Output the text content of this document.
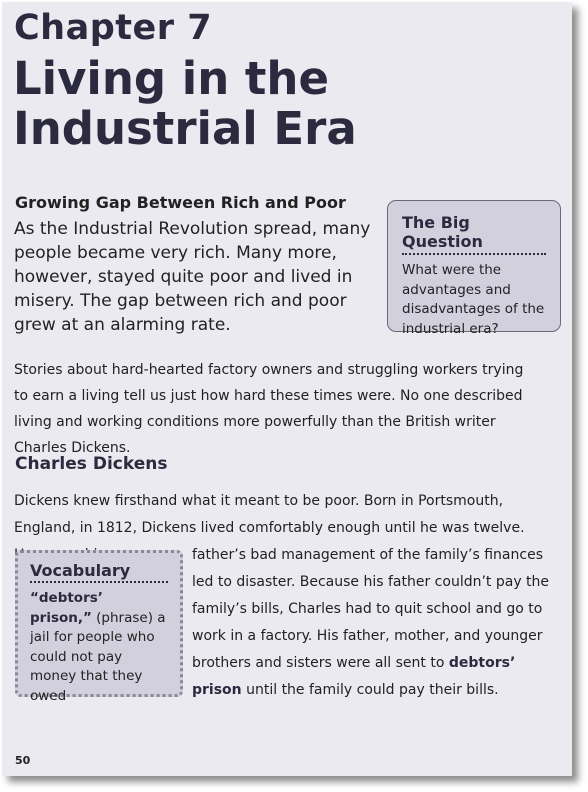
Chapter 7
Living in the Industrial Era
Growing Gap Between Rich and Poor

As the Industrial Revolution spread, many people became very rich. Many more, however, stayed quite poor and lived in misery. The gap between rich and poor grew at an alarming rate.

The Big Question

What were the advantages and disadvantages of the industrial era?

Stories about hard-hearted factory owners and struggling workers trying to earn a living tell us just how hard these times were. No one described living and working conditions more powerfully than the British writer Charles Dickens.

Charles Dickens

Dickens knew firsthand what it meant to be poor. Born in Portsmouth, England, in 1812, Dickens lived comfortably enough until he was twelve.

father’s bad management of the family’s finances led to disaster. Because his father couldn’t pay the family’s bills, Charles had to quit school and go to work in a factory. His father, mother, and younger brothers and sisters were all sent to debtors’ prison until the family could pay their bills.

Vocabulary

“debtors’ prison,” (phrase) a jail for people who could not pay money that they owed

50
